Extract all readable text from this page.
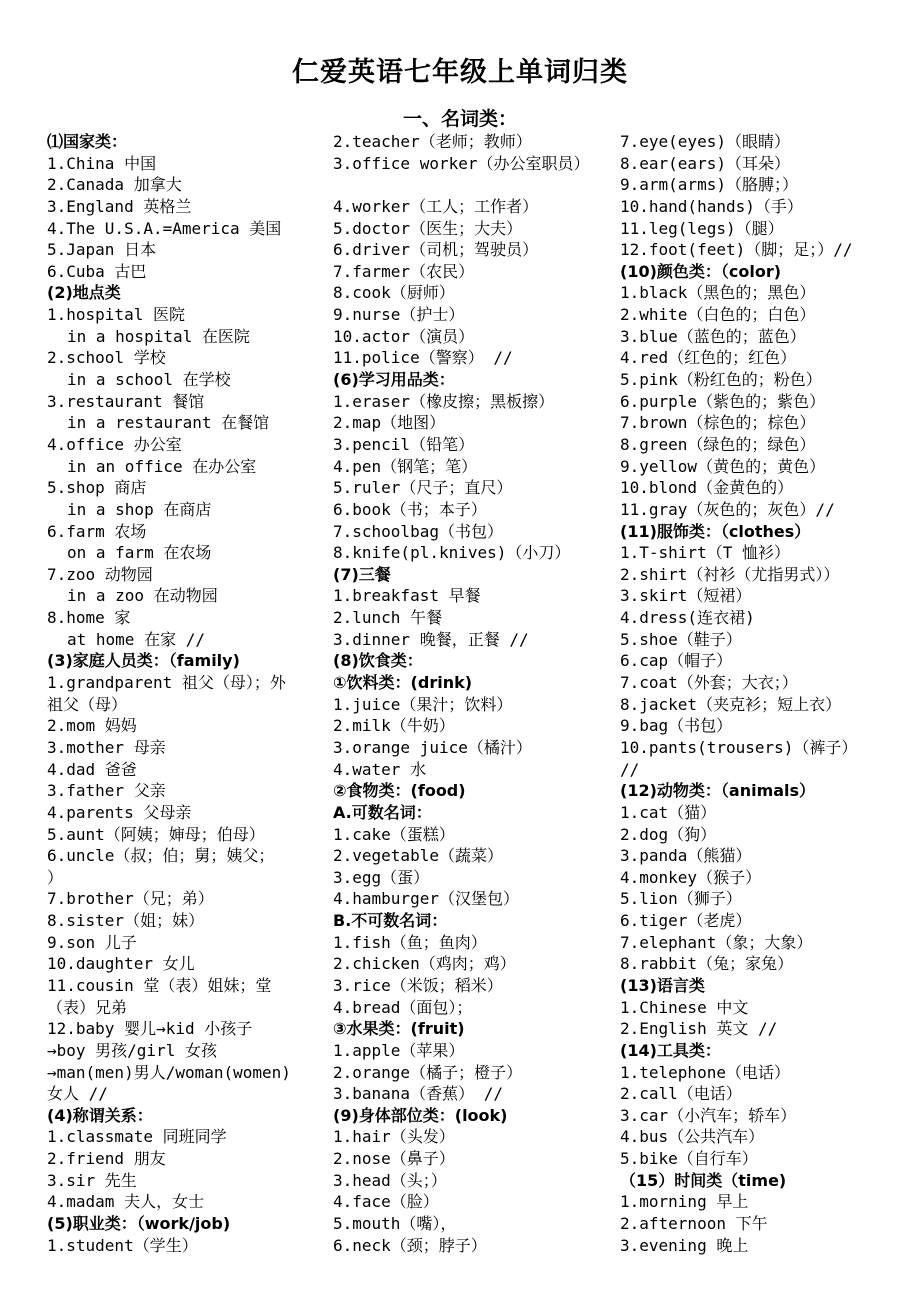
仁爱英语七年级上单词归类
一、名词类：
⑴国家类：
1.China 中国
2.Canada 加拿大
3.England 英格兰
4.The U.S.A.=America 美国
5.Japan 日本
6.Cuba 古巴
(2)地点类
1.hospital 医院
in a hospital 在医院
2.school 学校
in a school 在学校
3.restaurant 餐馆
in a restaurant 在餐馆
4.office 办公室
in an office 在办公室
5.shop 商店
in a shop 在商店
6.farm 农场
on a farm 在农场
7.zoo 动物园
in a zoo 在动物园
8.home 家
at home 在家 //
(3)家庭人员类：（family)
1.grandparent 祖父（母）；外
祖父（母）
2.mom 妈妈
3.mother 母亲
4.dad 爸爸
3.father 父亲
4.parents 父母亲
5.aunt（阿姨；婶母；伯母）
6.uncle（叔；伯；舅；姨父；
）
7.brother（兄；弟）
8.sister（姐；妹）
9.son 儿子
10.daughter 女儿
11.cousin 堂（表）姐妹；堂
（表）兄弟
12.baby 婴儿→kid 小孩子
→boy 男孩/girl 女孩
→man(men)男人/woman(women)
女人 //
(4)称谓关系：
1.classmate 同班同学
2.friend 朋友
3.sir 先生
4.madam 夫人，女士
(5)职业类：（work/job)
1.student（学生）
2.teacher（老师；教师）
3.office worker（办公室职员）
4.worker（工人；工作者）
5.doctor（医生；大夫）
6.driver（司机；驾驶员）
7.farmer（农民）
8.cook（厨师）
9.nurse（护士）
10.actor（演员）
11.police（警察） //
(6)学习用品类：
1.eraser（橡皮擦；黑板擦）
2.map（地图）
3.pencil（铅笔）
4.pen（钢笔；笔）
5.ruler（尺子；直尺）
6.book（书；本子）
7.schoolbag（书包）
8.knife(pl.knives)（小刀）
(7)三餐
1.breakfast 早餐
2.lunch 午餐
3.dinner 晚餐，正餐 //
(8)饮食类：
①饮料类：(drink)
1.juice（果汁；饮料）
2.milk（牛奶）
3.orange juice（橘汁）
4.water 水
②食物类：(food)
A.可数名词：
1.cake（蛋糕）
2.vegetable（蔬菜）
3.egg（蛋）
4.hamburger（汉堡包）
B.不可数名词：
1.fish（鱼；鱼肉）
2.chicken（鸡肉；鸡）
3.rice（米饭；稻米）
4.bread（面包）；
③水果类：(fruit)
1.apple（苹果）
2.orange（橘子；橙子）
3.banana（香蕉） //
(9)身体部位类：(look)
1.hair（头发）
2.nose（鼻子）
3.head（头；）
4.face（脸）
5.mouth（嘴），
6.neck（颈；脖子）
7.eye(eyes)（眼睛）
8.ear(ears)（耳朵）
9.arm(arms)（胳膊；）
10.hand(hands)（手）
11.leg(legs)（腿）
12.foot(feet)（脚；足；）//
(10)颜色类：（color)
1.black（黑色的；黑色）
2.white（白色的；白色）
3.blue（蓝色的；蓝色）
4.red（红色的；红色）
5.pink（粉红色的；粉色）
6.purple（紫色的；紫色）
7.brown（棕色的；棕色）
8.green（绿色的；绿色）
9.yellow（黄色的；黄色）
10.blond（金黄色的）
11.gray（灰色的；灰色）//
(11)服饰类：（clothes）
1.T-shirt（T 恤衫）
2.shirt（衬衫（尤指男式））
3.skirt（短裙）
4.dress(连衣裙)
5.shoe（鞋子）
6.cap（帽子）
7.coat（外套；大衣；）
8.jacket（夹克衫；短上衣）
9.bag（书包）
10.pants(trousers)（裤子）
//
(12)动物类：（animals）
1.cat（猫）
2.dog（狗）
3.panda（熊猫）
4.monkey（猴子）
5.lion（狮子）
6.tiger（老虎）
7.elephant（象；大象）
8.rabbit（兔；家兔）
(13)语言类
1.Chinese 中文
2.English 英文 //
(14)工具类：
1.telephone（电话）
2.call（电话）
3.car（小汽车；轿车）
4.bus（公共汽车）
5.bike（自行车）
（15）时间类（time)
1.morning 早上
2.afternoon 下午
3.evening 晚上
